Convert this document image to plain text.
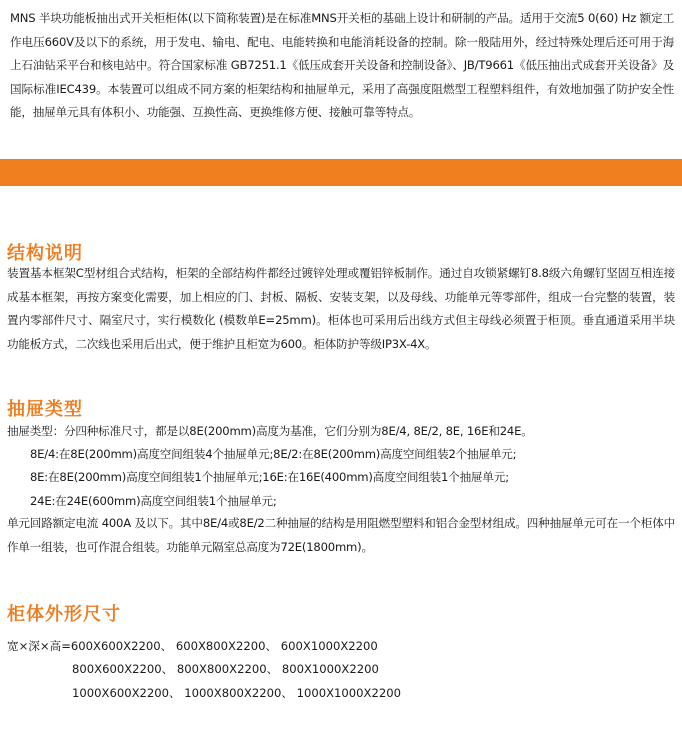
MNS 半块功能板抽出式开关柜柜体(以下简称装置)是在标准MNS开关柜的基础上设计和研制的产品。适用于交流5 0(60) Hz 额定工作电压660V及以下的系统，用于发电、输电、配电、电能转换和电能消耗设备的控制。除一般陆用外，经过特殊处理后还可用于海上石油钻采平台和核电站中。符合国家标准 GB7251.1《低压成套开关设备和控制设备》、JB/T9661《低压抽出式成套开关设备》及国际标准IEC439。本装置可以组成不同方案的柜架结构和抽屉单元，采用了高强度阻燃型工程塑料组件，有效地加强了防护安全性能，抽屉单元具有体积小、功能强、互换性高、更换维修方便、接触可靠等特点。
结构说明
装置基本框架C型材组合式结构，柜架的全部结构件都经过镀锌处理或覆铝锌板制作。通过自攻锁紧螺钉8.8级六角螺钉坚固互相连接成基本框架，再按方案变化需要，加上相应的门、封板、隔板、安装支架，以及母线、功能单元等零部件，组成一台完整的装置，装置内零部件尺寸、隔室尺寸，实行模数化 (模数单E=25mm)。柜体也可采用后出线方式但主母线必须置于柜顶。垂直通道采用半块功能板方式，二次线也采用后出式，便于维护且柜宽为600。柜体防护等级IP3X-4X。
抽屉类型
抽屉类型：分四种标准尺寸，都是以8E(200mm)高度为基准，它们分别为8E/4, 8E/2, 8E, 16E和24E。
8E/4:在8E(200mm)高度空间组装4个抽屉单元;8E/2:在8E(200mm)高度空间组装2个抽屉单元;
8E:在8E(200mm)高度空间组装1个抽屉单元;16E:在16E(400mm)高度空间组装1个抽屉单元;
24E:在24E(600mm)高度空间组装1个抽屉单元;
单元回路额定电流 400A 及以下。其中8E/4或8E/2二种抽屉的结构是用阻燃型塑料和铝合金型材组成。四种抽屉单元可在一个柜体中作单一组装，也可作混合组装。功能单元隔室总高度为72E(1800mm)。
柜体外形尺寸
宽×深×高=600X600X2200、 600X800X2200、 600X1000X2200
800X600X2200、 800X800X2200、 800X1000X2200
1000X600X2200、 1000X800X2200、 1000X1000X2200
